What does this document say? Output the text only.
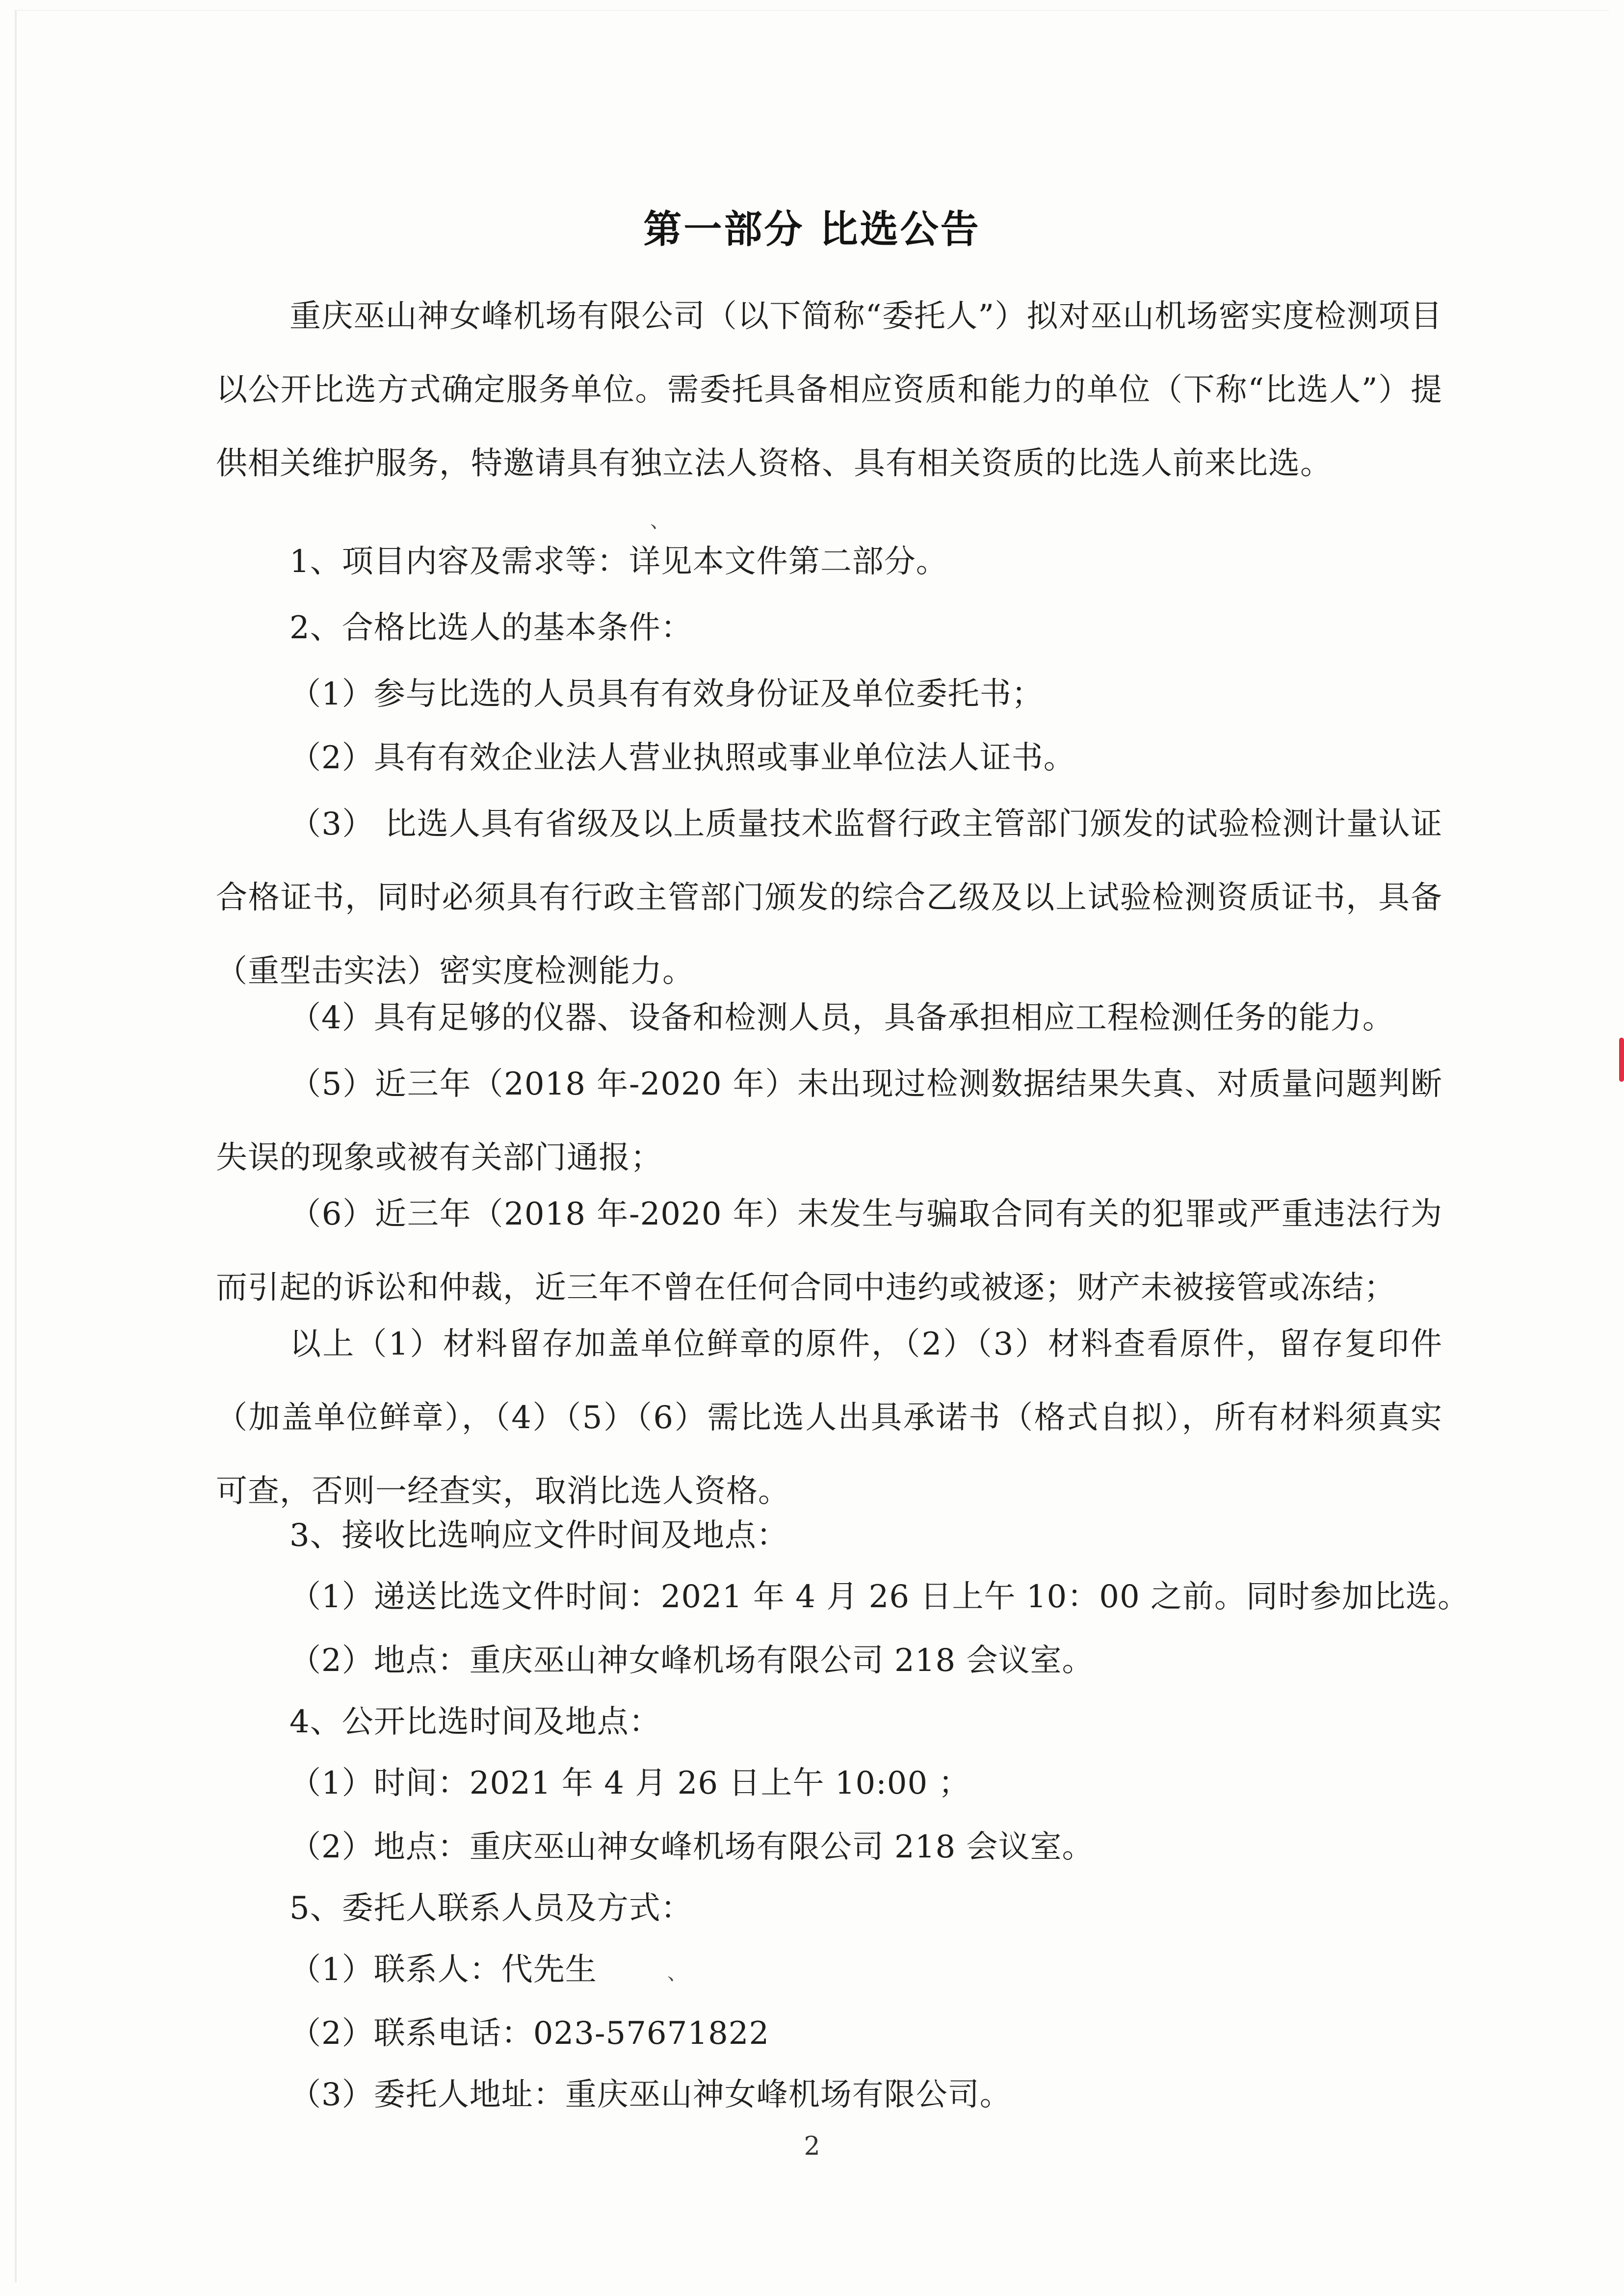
第一部分 比选公告

重庆巫山神女峰机场有限公司（以下简称“委托人”）拟对巫山机场密实度检测项目以公开比选方式确定服务单位。需委托具备相应资质和能力的单位（下称“比选人”）提供相关维护服务，特邀请具有独立法人资格、具有相关资质的比选人前来比选。

、
1、项目内容及需求等：详见本文件第二部分。
2、合格比选人的基本条件：
（1）参与比选的人员具有有效身份证及单位委托书；
（2）具有有效企业法人营业执照或事业单位法人证书。

（3） 比选人具有省级及以上质量技术监督行政主管部门颁发的试验检测计量认证合格证书，同时必须具有行政主管部门颁发的综合乙级及以上试验检测资质证书，具备（重型击实法）密实度检测能力。

（4）具有足够的仪器、设备和检测人员，具备承担相应工程检测任务的能力。

（5）近三年（2018 年-2020 年）未出现过检测数据结果失真、对质量问题判断失误的现象或被有关部门通报；

（6）近三年（2018 年-2020 年）未发生与骗取合同有关的犯罪或严重违法行为而引起的诉讼和仲裁，近三年不曾在任何合同中违约或被逐；财产未被接管或冻结；

以上（1）材料留存加盖单位鲜章的原件，（2）（3）材料查看原件，留存复印件（加盖单位鲜章），（4）（5）（6）需比选人出具承诺书（格式自拟），所有材料须真实可查，否则一经查实，取消比选人资格。

3、接收比选响应文件时间及地点：
（1）递送比选文件时间：2021 年 4 月 26 日上午 10：00 之前。同时参加比选。
（2）地点：重庆巫山神女峰机场有限公司 218 会议室。
4、公开比选时间及地点：
（1）时间：2021 年 4 月 26 日上午 10:00 ；
（2）地点：重庆巫山神女峰机场有限公司 218 会议室。
5、委托人联系人员及方式：
（1）联系人：代先生	、
（2）联系电话：023-57671822
（3）委托人地址：重庆巫山神女峰机场有限公司。
2
